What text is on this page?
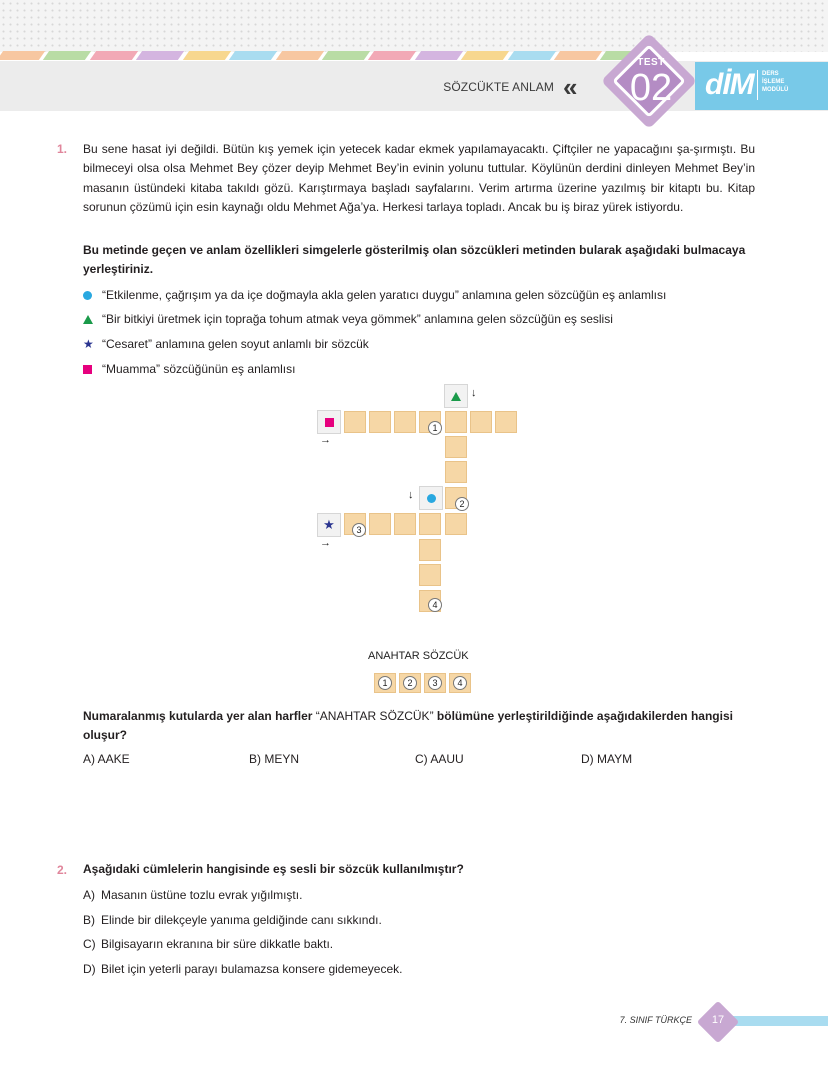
SÖZCÜKTE ANLAM «
TEST
02	dİM DERS
İŞLEME
MODÜLÜ
1. Bu sene hasat iyi değildi. Bütün kış yemek için yetecek kadar ekmek yapılamayacaktı. Çiftçiler ne yapacağını şa-şırmıştı. Bu bilmeceyi olsa olsa Mehmet Bey çözer deyip Mehmet Bey’in evinin yolunu tuttular. Köylünün derdini dinleyen Mehmet Bey’in masanın üstündeki kitaba takıldı gözü. Karıştırmaya başladı sayfalarını. Verim artırma üzerine yazılmış bir kitaptı bu. Kitap sorunun çözümü için esin kaynağı oldu Mehmet Ağa’ya. Herkesi tarlaya topladı. Ancak bu iş biraz yürek istiyordu.

Bu metinde geçen ve anlam özellikleri simgelerle gösterilmiş olan sözcükleri metinden bularak aşağıdaki bulmacaya yerleştiriniz.

“Etkilenme, çağrışım ya da içe doğmayla akla gelen yaratıcı duygu” anlamına gelen sözcüğün eş anlamlısı
“Bir bitkiyi üretmek için toprağa tohum atmak veya gömmek” anlamına gelen sözcüğün eş seslisi
★ “Cesaret” anlamına gelen soyut anlamlı bir sözcük
“Muamma” sözcüğünün eş anlamlısı
↓
→
↓
★
→
1
2
3
4
ANAHTAR SÖZCÜK
1	2	3	4

Numaralanmış kutularda yer alan harfler “ANAHTAR SÖZCÜK” bölümüne yerleştirildiğinde aşağıdakilerden hangisi oluşur?

A) AAKE	B) MEYN	C) AAUU	D) MAYM
2. Aşağıdaki cümlelerin hangisinde eş sesli bir sözcük kullanılmıştır?
A) Masanın üstüne tozlu evrak yığılmıştı.
B) Elinde bir dilekçeyle yanıma geldiğinde canı sıkkındı.
C) Bilgisayarın ekranına bir süre dikkatle baktı.
D) Bilet için yeterli parayı bulamazsa konsere gidemeyecek.
7. SINIF TÜRKÇE	17
